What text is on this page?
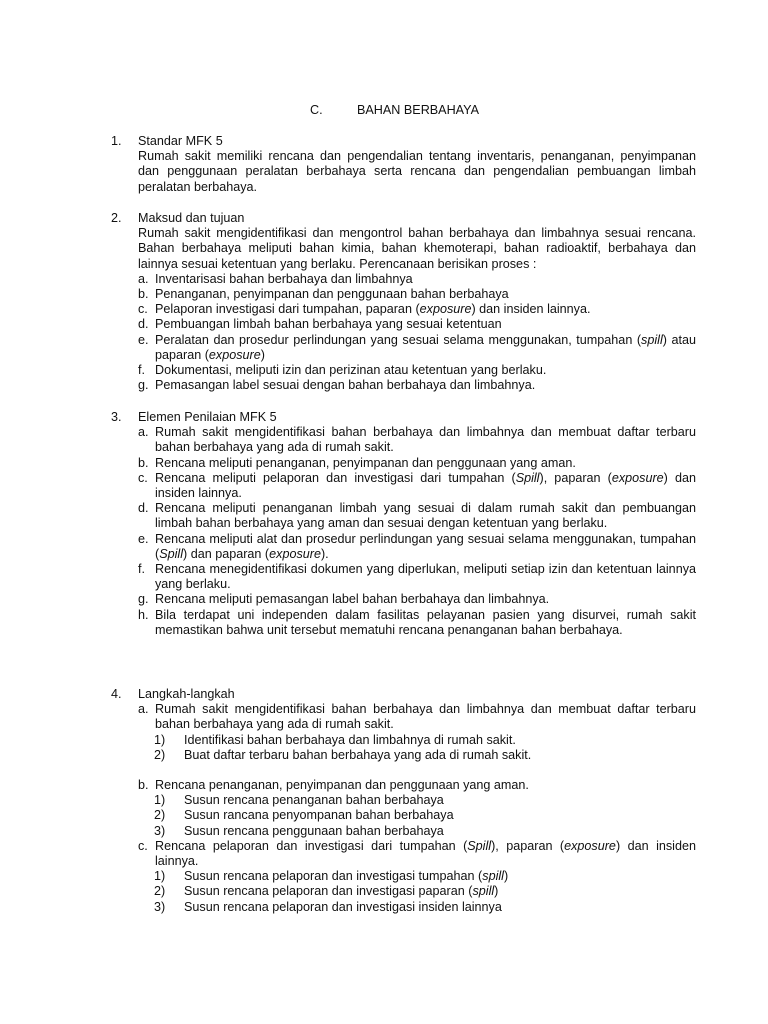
C.	BAHAN BERBAHAYA
1. Standar MFK 5
Rumah sakit memiliki rencana dan pengendalian tentang inventaris, penanganan, penyimpanan dan penggunaan peralatan berbahaya serta rencana dan pengendalian pembuangan limbah peralatan berbahaya.
2. Maksud dan tujuan
Rumah sakit mengidentifikasi dan mengontrol bahan berbahaya dan limbahnya sesuai rencana. Bahan berbahaya meliputi bahan kimia, bahan khemoterapi, bahan radioaktif, berbahaya dan lainnya sesuai ketentuan yang berlaku. Perencanaan berisikan proses :
a. Inventarisasi bahan berbahaya dan limbahnya
b. Penanganan, penyimpanan dan penggunaan bahan berbahaya
c. Pelaporan investigasi dari tumpahan, paparan (exposure) dan insiden lainnya.
d. Pembuangan limbah bahan berbahaya yang sesuai ketentuan
e. Peralatan dan prosedur perlindungan yang sesuai selama menggunakan, tumpahan (spill) atau paparan (exposure)
f. Dokumentasi, meliputi izin dan perizinan atau ketentuan yang berlaku.
g. Pemasangan label sesuai dengan bahan berbahaya dan limbahnya.
3. Elemen Penilaian MFK 5
a. Rumah sakit mengidentifikasi bahan berbahaya dan limbahnya dan membuat daftar terbaru bahan berbahaya yang ada di rumah sakit.
b. Rencana meliputi penanganan, penyimpanan dan penggunaan yang aman.
c. Rencana meliputi pelaporan dan investigasi dari tumpahan (Spill), paparan (exposure) dan insiden lainnya.
d. Rencana meliputi penanganan limbah yang sesuai di dalam rumah sakit dan pembuangan limbah bahan berbahaya yang aman dan sesuai dengan ketentuan yang berlaku.
e. Rencana meliputi alat dan prosedur perlindungan yang sesuai selama menggunakan, tumpahan (Spill) dan paparan (exposure).
f. Rencana menegidentifikasi dokumen yang diperlukan, meliputi setiap izin dan ketentuan lainnya yang berlaku.
g. Rencana meliputi pemasangan label bahan berbahaya dan limbahnya.
h. Bila terdapat uni independen dalam fasilitas pelayanan pasien yang disurvei, rumah sakit memastikan bahwa unit tersebut mematuhi rencana penanganan bahan berbahaya.
4. Langkah-langkah
a. Rumah sakit mengidentifikasi bahan berbahaya dan limbahnya dan membuat daftar terbaru bahan berbahaya yang ada di rumah sakit.
1) Identifikasi bahan berbahaya dan limbahnya di rumah sakit.
2) Buat daftar terbaru bahan berbahaya yang ada di rumah sakit.
b. Rencana penanganan, penyimpanan dan penggunaan yang aman.
1) Susun rencana penanganan bahan berbahaya
2) Susun rancana penyompanan bahan berbahaya
3) Susun rencana penggunaan bahan berbahaya
c. Rencana pelaporan dan investigasi dari tumpahan (Spill), paparan (exposure) dan insiden lainnya.
1) Susun rencana pelaporan dan investigasi tumpahan (spill)
2) Susun rencana pelaporan dan investigasi paparan (spill)
3) Susun rencana pelaporan dan investigasi insiden lainnya
